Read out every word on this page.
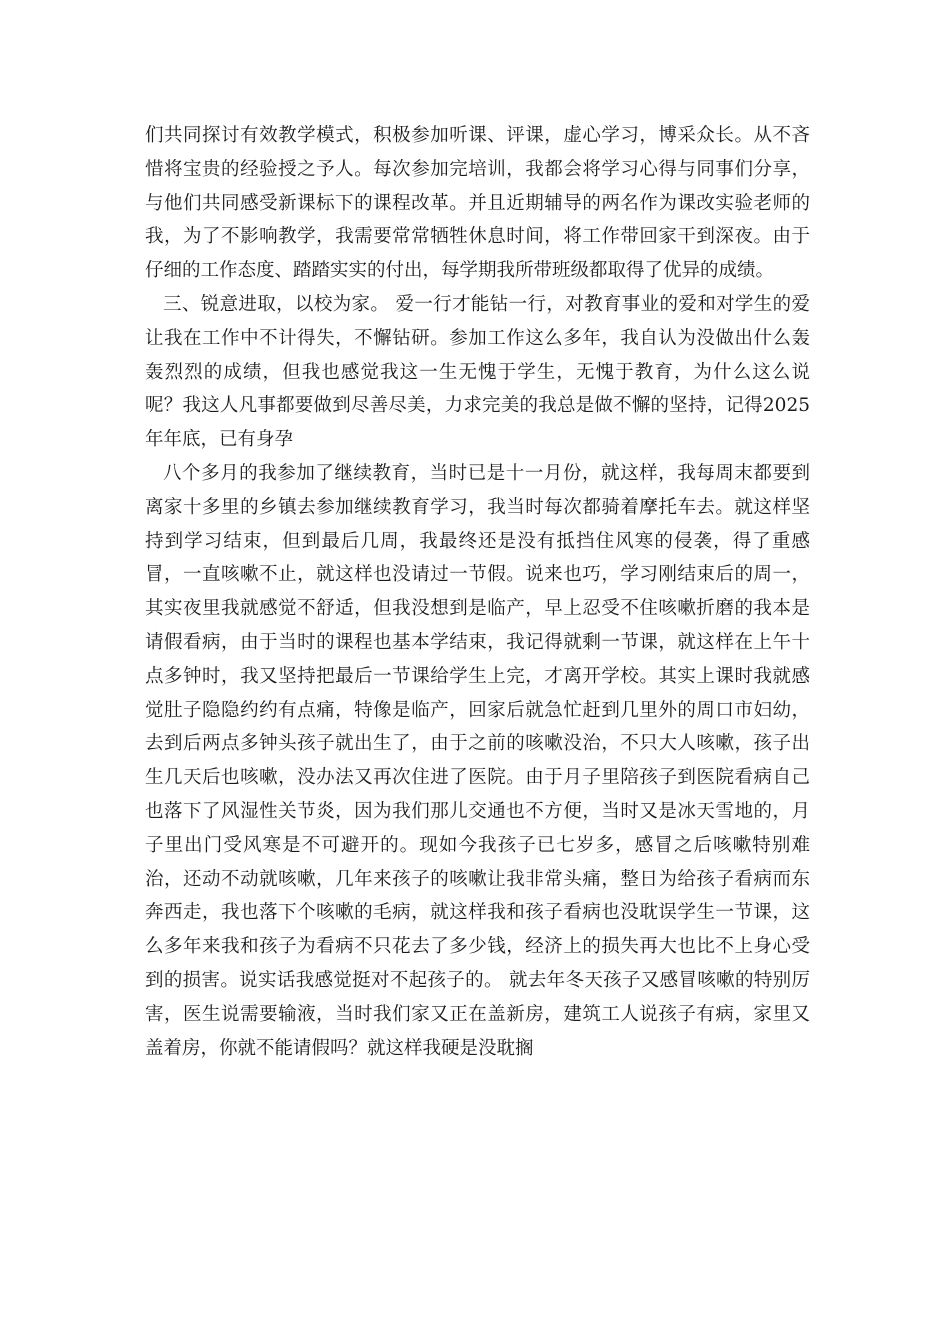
们共同探讨有效教学模式，积极参加听课、评课，虚心学习，博采众长。从不吝惜将宝贵的经验授之予人。每次参加完培训，我都会将学习心得与同事们分享，与他们共同感受新课标下的课程改革。并且近期辅导的两名作为课改实验老师的我，为了不影响教学，我需要常常牺牲休息时间，将工作带回家干到深夜。由于仔细的工作态度、踏踏实实的付出，每学期我所带班级都取得了优异的成绩。

三、锐意进取，以校为家。 爱一行才能钻一行，对教育事业的爱和对学生的爱让我在工作中不计得失，不懈钻研。参加工作这么多年，我自认为没做出什么轰轰烈烈的成绩，但我也感觉我这一生无愧于学生，无愧于教育，为什么这么说呢？我这人凡事都要做到尽善尽美，力求完美的我总是做不懈的坚持，记得2025年年底，已有身孕

八个多月的我参加了继续教育，当时已是十一月份，就这样，我每周末都要到离家十多里的乡镇去参加继续教育学习，我当时每次都骑着摩托车去。就这样坚持到学习结束，但到最后几周，我最终还是没有抵挡住风寒的侵袭，得了重感冒，一直咳嗽不止，就这样也没请过一节假。说来也巧，学习刚结束后的周一，其实夜里我就感觉不舒适，但我没想到是临产，早上忍受不住咳嗽折磨的我本是请假看病，由于当时的课程也基本学结束，我记得就剩一节课，就这样在上午十点多钟时，我又坚持把最后一节课给学生上完，才离开学校。其实上课时我就感觉肚子隐隐约约有点痛，特像是临产，回家后就急忙赶到几里外的周口市妇幼，去到后两点多钟头孩子就出生了，由于之前的咳嗽没治，不只大人咳嗽，孩子出生几天后也咳嗽，没办法又再次住进了医院。由于月子里陪孩子到医院看病自己也落下了风湿性关节炎，因为我们那儿交通也不方便，当时又是冰天雪地的，月子里出门受风寒是不可避开的。现如今我孩子已七岁多，感冒之后咳嗽特别难治，还动不动就咳嗽，几年来孩子的咳嗽让我非常头痛，整日为给孩子看病而东奔西走，我也落下个咳嗽的毛病，就这样我和孩子看病也没耽误学生一节课，这么多年来我和孩子为看病不只花去了多少钱，经济上的损失再大也比不上身心受到的损害。说实话我感觉挺对不起孩子的。 就去年冬天孩子又感冒咳嗽的特别厉害，医生说需要输液，当时我们家又正在盖新房，建筑工人说孩子有病，家里又盖着房，你就不能请假吗？就这样我硬是没耽搁
